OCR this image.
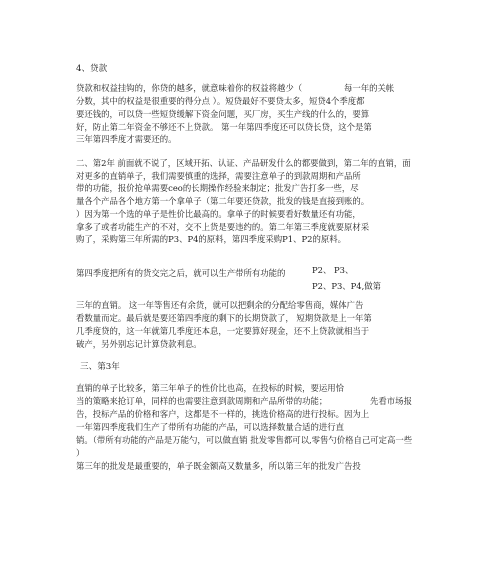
4、贷款
贷款和权益挂钩的，你贷的越多，就意味着你的权益将越少（	每一年的关帐
分数，其中的权益是很重要的得分点 ）。短贷最好不要贷太多，短贷4个季度都
要还钱的，可以贷一些短贷缓解下资金问题，买厂房，买生产线的什么的，要算
好，防止第二年资金不够还不上贷款。 第一年第四季度还可以贷长贷，这个是第
三年第四季度才需要还的。
二、第2年 前面就不说了，区域开拓、认证、产品研发什么的都要做到，第二年的直销，面
对更多的直销单子，我们需要慎重的选择，需要注意单子的到款周期和产品所
带的功能，报价抢单需要ceo的长期操作经验来制定；批发广告打多一些，尽
量各个产品各个地方第一个拿单子（第二年要还贷款，批发的钱是直接到账的。
）因为第一个选的单子是性价比最高的。拿单子的时候要看好数量还有功能，
拿多了或者功能生产的不对，交不上货是要违约的。第二年第三季度就要原材采
购了，采购第三年所需的P3、P4的原料，第四季度采购P1、P2的原料。
第四季度把所有的货交完之后，就可以生产带所有功能的	P2、 P3、
P2、P3、P4,做第
三年的直销。 这一年等售还有余货，就可以把剩余的分配给零售商，媒体广告
看数量而定。最后就是要还第四季度的剩下的长期贷款了， 短期贷款是上一年第
几季度贷的，这一年就第几季度还本息，一定要算好现金，还不上贷款就相当于
破产，另外别忘记计算贷款利息。
三、第3年
直销的单子比较多，第三年单子的性价比也高，在投标的时候，要运用恰
当的策略来抢订单，同样的也需要注意到款周期和产品所带的功能；	先看市场报
告，投标产品的价格和客户，这都是不一样的，挑选价格高的进行投标。因为上
一年第四季度我们生产了带所有功能的产品，可以选择数量合适的进行直
销。（带所有功能的产品是万能勺，可以做直销 批发零售都可以,零售勺价格自己可定高一些
）
第三年的批发是最重要的，单子既金额高又数量多，所以第三年的批发广告投
